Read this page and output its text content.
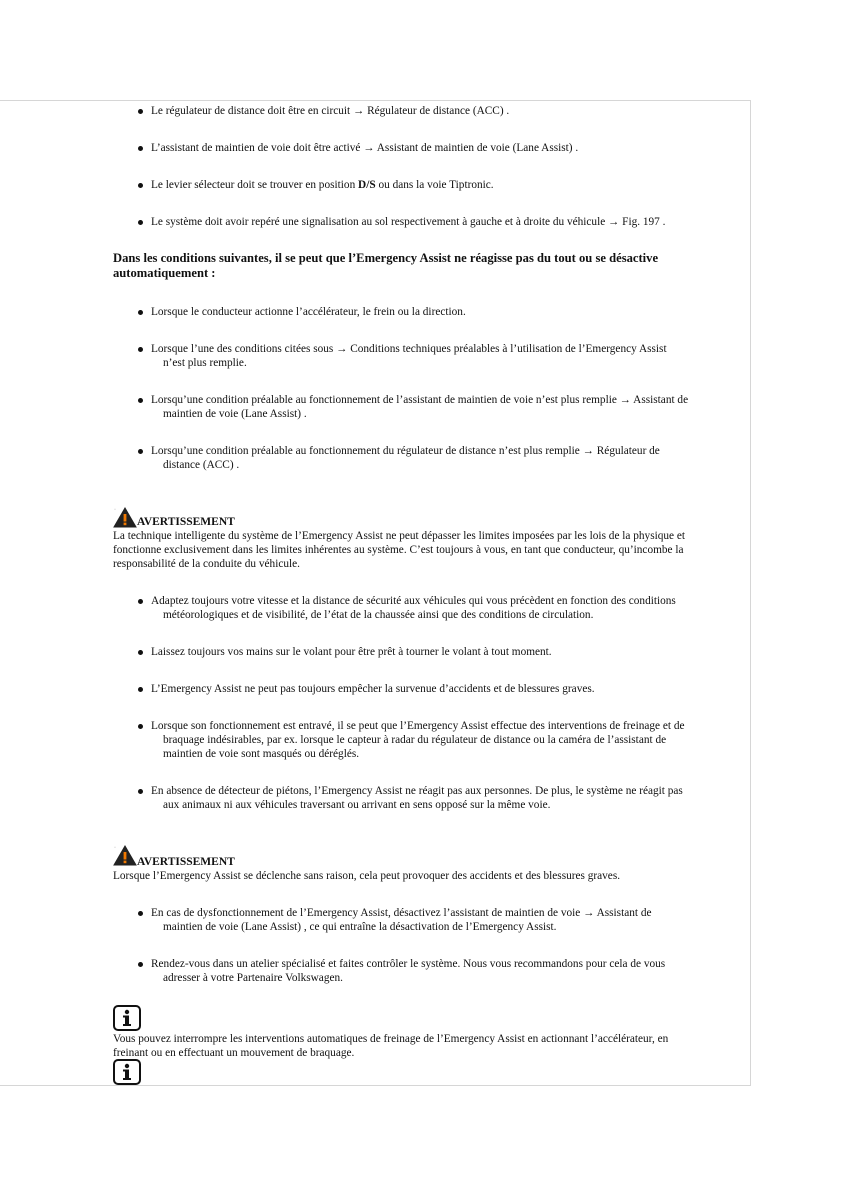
Le régulateur de distance doit être en circuit → Régulateur de distance (ACC) .
L’assistant de maintien de voie doit être activé → Assistant de maintien de voie (Lane Assist) .
Le levier sélecteur doit se trouver en position D/S ou dans la voie Tiptronic.
Le système doit avoir repéré une signalisation au sol respectivement à gauche et à droite du véhicule → Fig. 197 .
Dans les conditions suivantes, il se peut que l’Emergency Assist ne réagisse pas du tout ou se désactive automatiquement :
Lorsque le conducteur actionne l’accélérateur, le frein ou la direction.
Lorsque l’une des conditions citées sous → Conditions techniques préalables à l’utilisation de l’Emergency Assist
n’est plus remplie.
Lorsqu’une condition préalable au fonctionnement de l’assistant de maintien de voie n’est plus remplie → Assistant de
maintien de voie (Lane Assist) .
Lorsqu’une condition préalable au fonctionnement du régulateur de distance n’est plus remplie → Régulateur de
distance (ACC) .
·
AVERTISSEMENT
La technique intelligente du système de l’Emergency Assist ne peut dépasser les limites imposées par les lois de la physique et
fonctionne exclusivement dans les limites inhérentes au système. C’est toujours à vous, en tant que conducteur, qu’incombe la
responsabilité de la conduite du véhicule.
Adaptez toujours votre vitesse et la distance de sécurité aux véhicules qui vous précèdent en fonction des conditions
météorologiques et de visibilité, de l’état de la chaussée ainsi que des conditions de circulation.
Laissez toujours vos mains sur le volant pour être prêt à tourner le volant à tout moment.
L’Emergency Assist ne peut pas toujours empêcher la survenue d’accidents et de blessures graves.
Lorsque son fonctionnement est entravé, il se peut que l’Emergency Assist effectue des interventions de freinage et de
braquage indésirables, par ex. lorsque le capteur à radar du régulateur de distance ou la caméra de l’assistant de
maintien de voie sont masqués ou déréglés.
En absence de détecteur de piétons, l’Emergency Assist ne réagit pas aux personnes. De plus, le système ne réagit pas
aux animaux ni aux véhicules traversant ou arrivant en sens opposé sur la même voie.
·
AVERTISSEMENT
Lorsque l’Emergency Assist se déclenche sans raison, cela peut provoquer des accidents et des blessures graves.
En cas de dysfonctionnement de l’Emergency Assist, désactivez l’assistant de maintien de voie → Assistant de
maintien de voie (Lane Assist) , ce qui entraîne la désactivation de l’Emergency Assist.
Rendez-vous dans un atelier spécialisé et faites contrôler le système. Nous vous recommandons pour cela de vous
adresser à votre Partenaire Volkswagen.
Vous pouvez interrompre les interventions automatiques de freinage de l’Emergency Assist en actionnant l’accélérateur, en
freinant ou en effectuant un mouvement de braquage.
